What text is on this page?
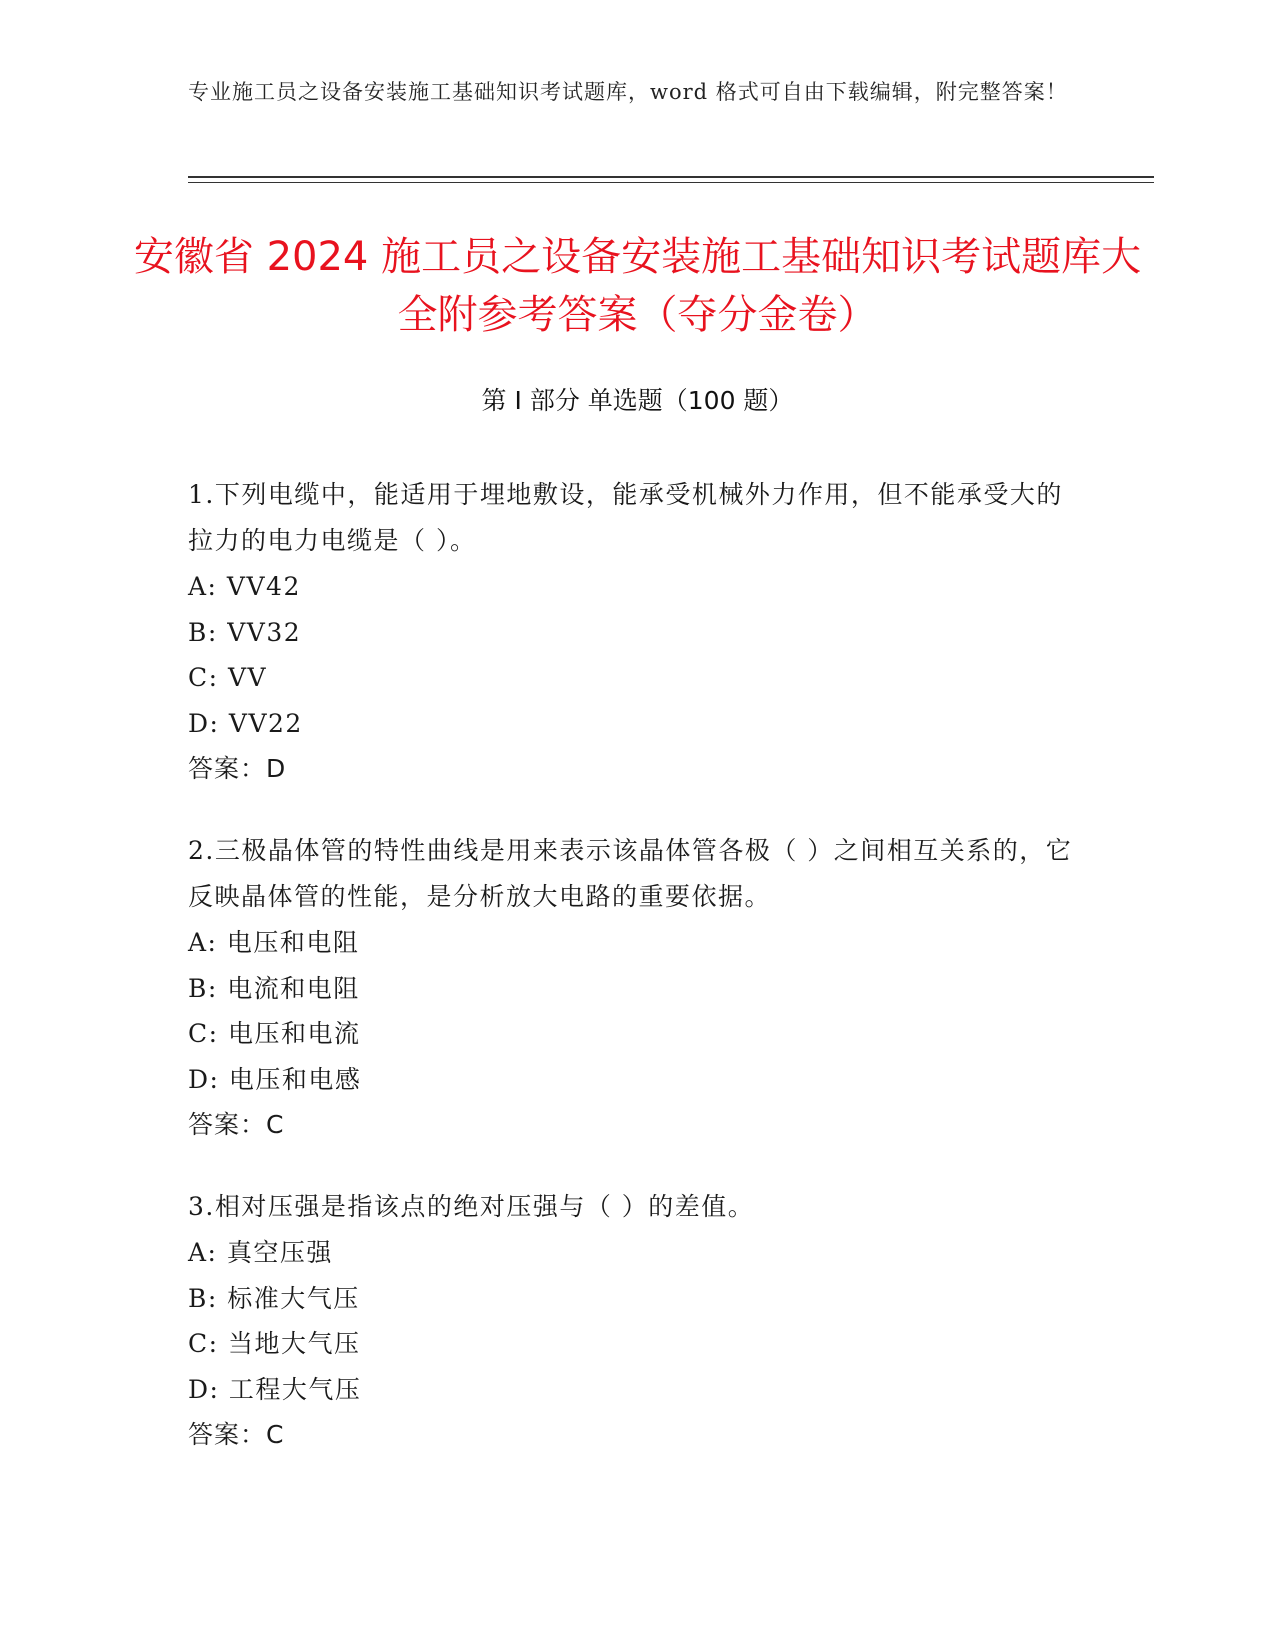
专业施工员之设备安装施工基础知识考试题库，word 格式可自由下载编辑，附完整答案！
安徽省 2024 施工员之设备安装施工基础知识考试题库大全附参考答案（夺分金卷）
第 I 部分 单选题（100 题）
1.下列电缆中，能适用于埋地敷设，能承受机械外力作用，但不能承受大的拉力的电力电缆是（ ）。
A: VV42
B: VV32
C: VV
D: VV22
答案：D
2.三极晶体管的特性曲线是用来表示该晶体管各极（ ）之间相互关系的，它反映晶体管的性能，是分析放大电路的重要依据。
A: 电压和电阻
B: 电流和电阻
C: 电压和电流
D: 电压和电感
答案：C
3.相对压强是指该点的绝对压强与（ ）的差值。
A: 真空压强
B: 标准大气压
C: 当地大气压
D: 工程大气压
答案：C
